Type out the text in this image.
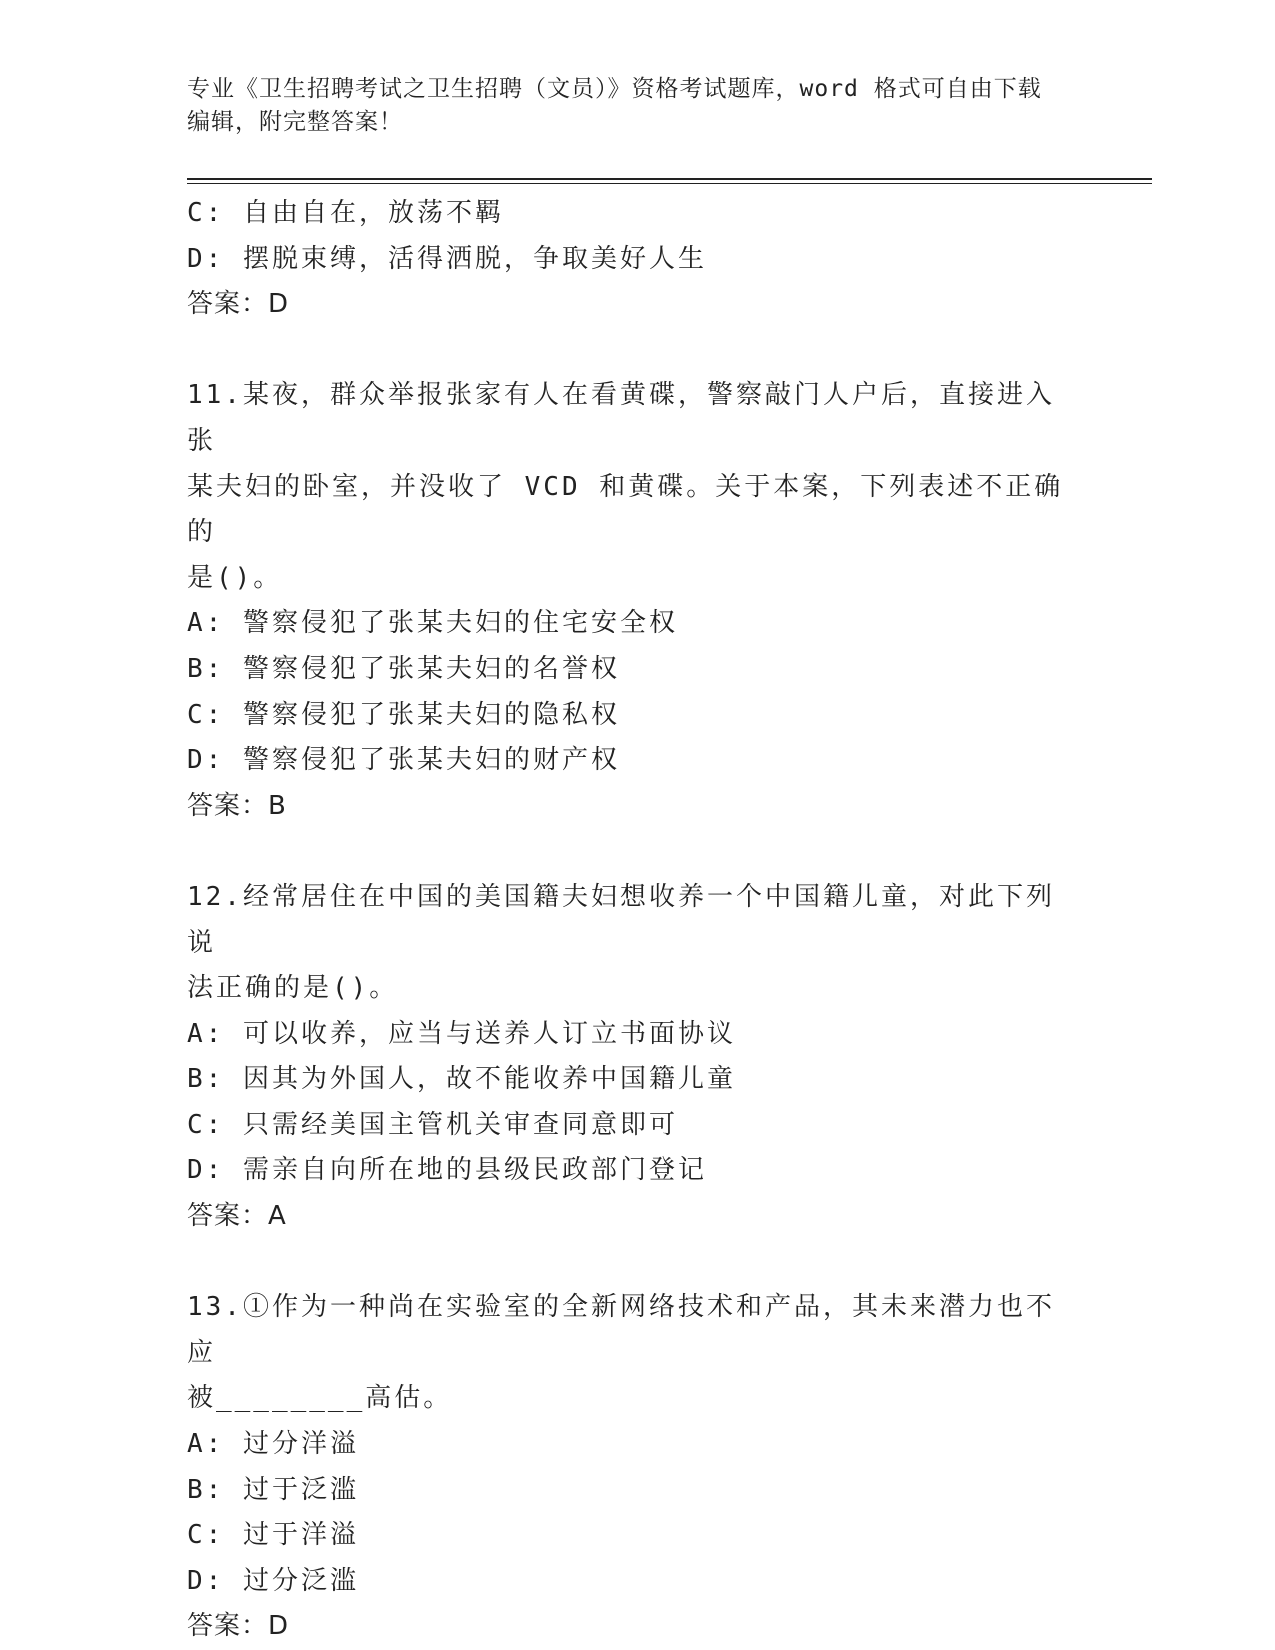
专业《卫生招聘考试之卫生招聘（文员）》资格考试题库，word 格式可自由下载
编辑，附完整答案！
C: 自由自在，放荡不羁
D: 摆脱束缚，活得洒脱，争取美好人生
答案：D
11.某夜，群众举报张家有人在看黄碟，警察敲门人户后，直接进入张
某夫妇的卧室，并没收了 VCD 和黄碟。关于本案，下列表述不正确的
是()。
A: 警察侵犯了张某夫妇的住宅安全权
B: 警察侵犯了张某夫妇的名誉权
C: 警察侵犯了张某夫妇的隐私权
D: 警察侵犯了张某夫妇的财产权
答案：B
12.经常居住在中国的美国籍夫妇想收养一个中国籍儿童，对此下列说
法正确的是()。
A: 可以收养，应当与送养人订立书面协议
B: 因其为外国人，故不能收养中国籍儿童
C: 只需经美国主管机关审查同意即可
D: 需亲自向所在地的县级民政部门登记
答案：A
13.①作为一种尚在实验室的全新网络技术和产品，其未来潜力也不应
被________高估。
A: 过分洋溢
B: 过于泛滥
C: 过于洋溢
D: 过分泛滥
答案：D
